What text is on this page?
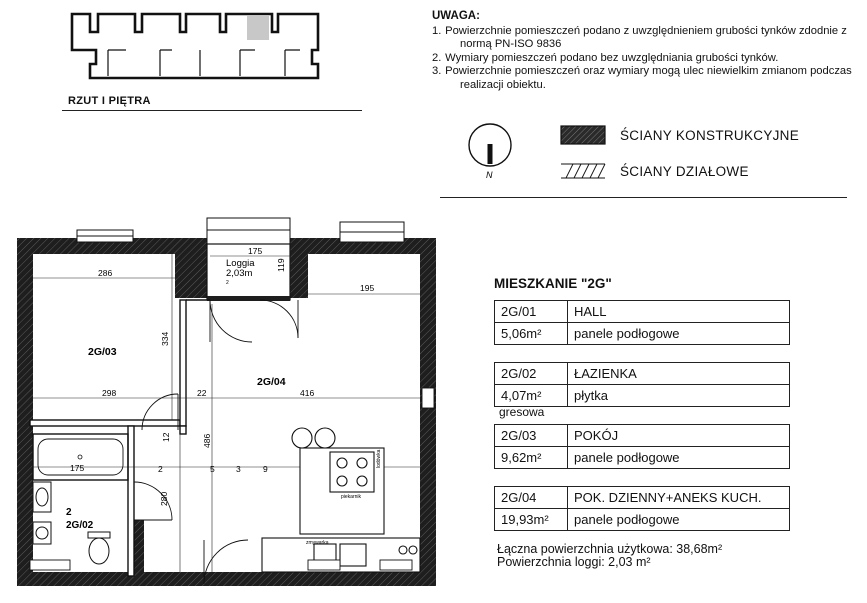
RZUT I PIĘTRA
UWAGA:
1. Powierzchnie pomieszczeń podano z uwzględnieniem grubości tynków zdodnie z normą PN-ISO 9836
2. Wymiary pomieszczeń podano bez uwzględniania grubości tynków.
3. Powierzchnie pomieszczeń oraz wymiary mogą ulec niewielkim zmianom podczas realizacji obiektu.
N
ŚCIANY KONSTRUKCYJNE
ŚCIANY DZIAŁOWE
Loggia
2,03m
2
286
175
119
195
334
298	22	416
12	486
175	2	5	3	9
280
2G/03
2G/04
2
2G/02
zmywarka
lodówka
piekarnik
MIESZKANIE "2G"
2G/01	HALL
5,06m²	panele podłogowe
2G/02	ŁAZIENKA
4,07m²	płytka
gresowa
2G/03	POKÓJ
9,62m²	panele podłogowe
2G/04	POK. DZIENNY+ANEKS KUCH.
19,93m²	panele podłogowe
Łączna powierzchnia użytkowa: 38,68m²
Powierzchnia loggi: 2,03 m²
